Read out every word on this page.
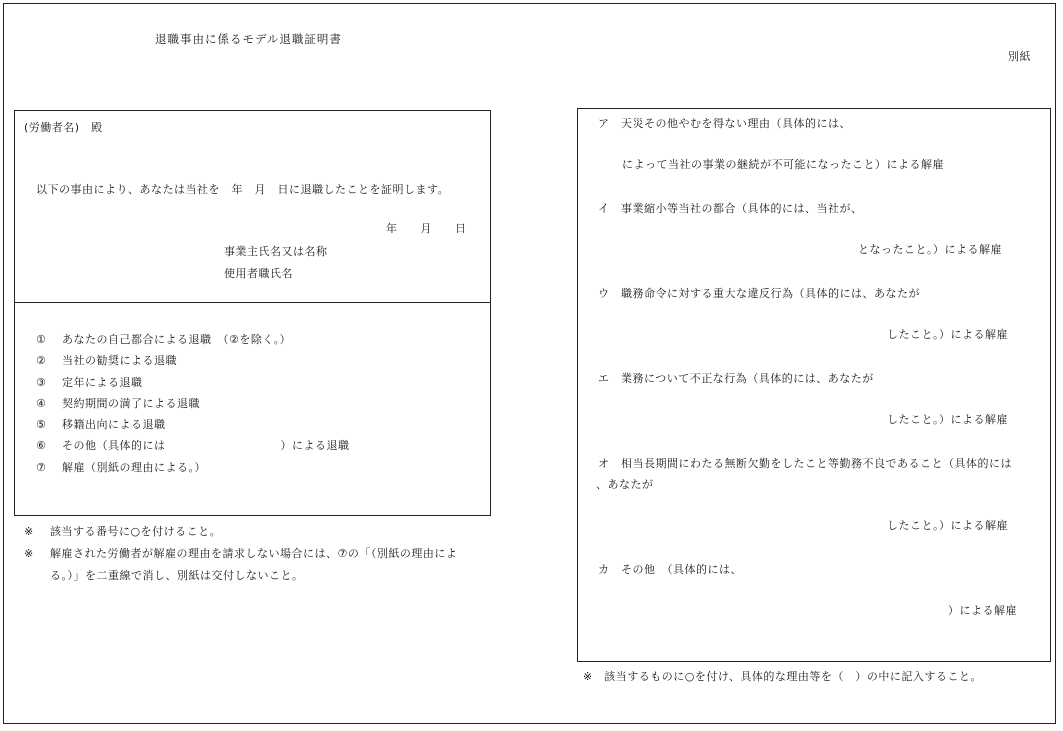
退職事由に係るモデル退職証明書
別紙
(労働者名)　殿
以下の事由により、あなたは当社を　年　月　日に退職したことを証明します。
年　　月　　日
事業主氏名又は名称
使用者職氏名
① あなたの自己都合による退職　（②を除く。）
② 当社の勧奨による退職
③ 定年による退職
④ 契約期間の満了による退職
⑤ 移籍出向による退職
⑥ その他（具体的には　　　　　　　　　　）による退職
⑦ 解雇（別紙の理由による。）
※ 該当する番号に○を付けること。
※ 解雇された労働者が解雇の理由を請求しない場合には、⑦の「（別紙の理由によ
る。）」を二重線で消し、別紙は交付しないこと。
ア　天災その他やむを得ない理由（具体的には、
によって当社の事業の継続が不可能になったこと）による解雇
イ　事業縮小等当社の都合（具体的には、当社が、
となったこと。）による解雇
ウ　職務命令に対する重大な違反行為（具体的には、あなたが
したこと。）による解雇
エ　業務について不正な行為（具体的には、あなたが
したこと。）による解雇
オ　相当長期間にわたる無断欠勤をしたこと等勤務不良であること（具体的には
、あなたが
したこと。）による解雇
カ　その他　（具体的には、
）による解雇
※　該当するものに○を付け、具体的な理由等を（　）の中に記入すること。
